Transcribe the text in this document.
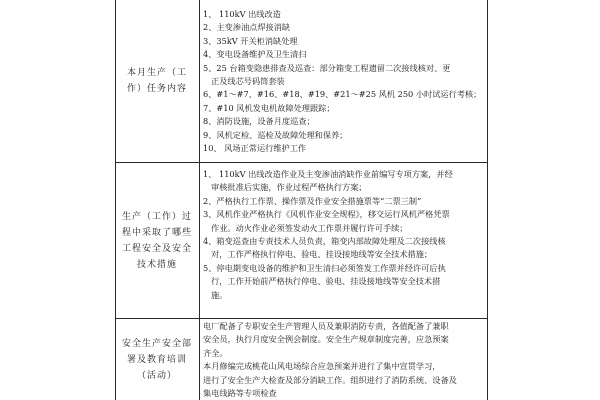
本月生产（工作）任务内容

1、 110kV 出线改造

2、主变渗油点焊接消缺

3、35kV 开关柜消缺处理

4、变电设备维护及卫生清扫

5、25 台箱变隐患排查及巡查：部分箱变工程遗留二次接线核对、更

正及线芯号码筒套装

6、#1～#7、#16、#18、#19、#21～#25 风机 250 小时试运行考核；

7、#10 风机发电机故障处理跟踪；

8、消防设施，设备月度巡查；

9、风机定检、巡检及故障处理和保养；

10、 风场正常运行维护工作

生产（工作）过程中采取了哪些工程安全及安全技术措施

1、 110kV 出线改造作业及主变渗油消缺作业前编写专项方案，并经

审核批准后实施，作业过程严格执行方案；

2、严格执行工作票、操作票及作业安全措施票等“二票三制”

3、风机作业严格执行《风机作业安全规程》，移交运行风机严格凭票

作业。动火作业必须签发动火工作票并履行许可手续；

4、箱变巡查由专责技术人员负责，箱变内部故障处理及二次接线核

对，工作严格执行停电、验电、挂设接地线等安全技术措施；

5、停电期变电设备的维护和卫生清扫必须签发工作票并经许可后执

行，工作开始前严格执行停电、验电、挂设接地线等安全技术措

施。

安全生产安全部署及教育培训（活动）

电厂配备了专职安全生产管理人员及兼职消防专责，各值配备了兼职

安全员，执行月度安全例会制度。安全生产规章制度完善，应急预案

齐全。

本月修编完成桃花山风电场综合应急预案并进行了集中宣贯学习，

进行了安全生产大检查及部分消缺工作。组织进行了消防系统、设备及

集电线路等专项检查
